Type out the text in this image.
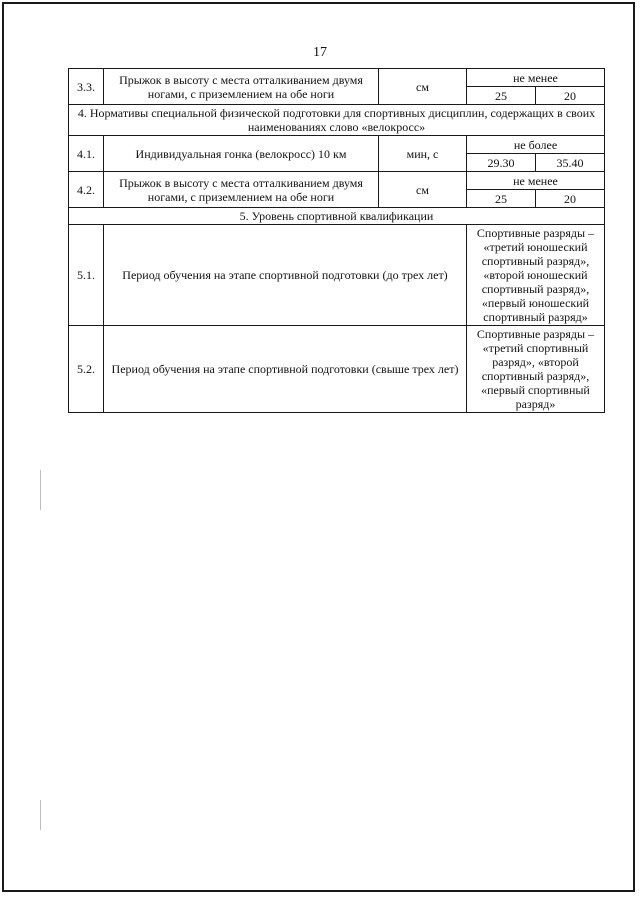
17
3.3.	Прыжок в высоту с места отталкиванием двумя ногами, с приземлением на обе ноги	см	не менее	
			25	20
4. Нормативы специальной физической подготовки для спортивных дисциплин, содержащих в своих наименованиях слово «велокросс»				
4.1.	Индивидуальная гонка (велокросс) 10 км	мин, с	не более	
			29.30	35.40
4.2.	Прыжок в высоту с места отталкиванием двумя ногами, с приземлением на обе ноги	см	не менее	
			25	20
5. Уровень спортивной квалификации				
5.1.	Период обучения на этапе спортивной подготовки (до трех лет)		Спортивные разряды – «третий юношеский спортивный разряд», «второй юношеский спортивный разряд», «первый юношеский спортивный разряд»	
5.2.	Период обучения на этапе спортивной подготовки (свыше трех лет)		Спортивные разряды – «третий спортивный разряд», «второй спортивный разряд», «первый спортивный разряд»	
